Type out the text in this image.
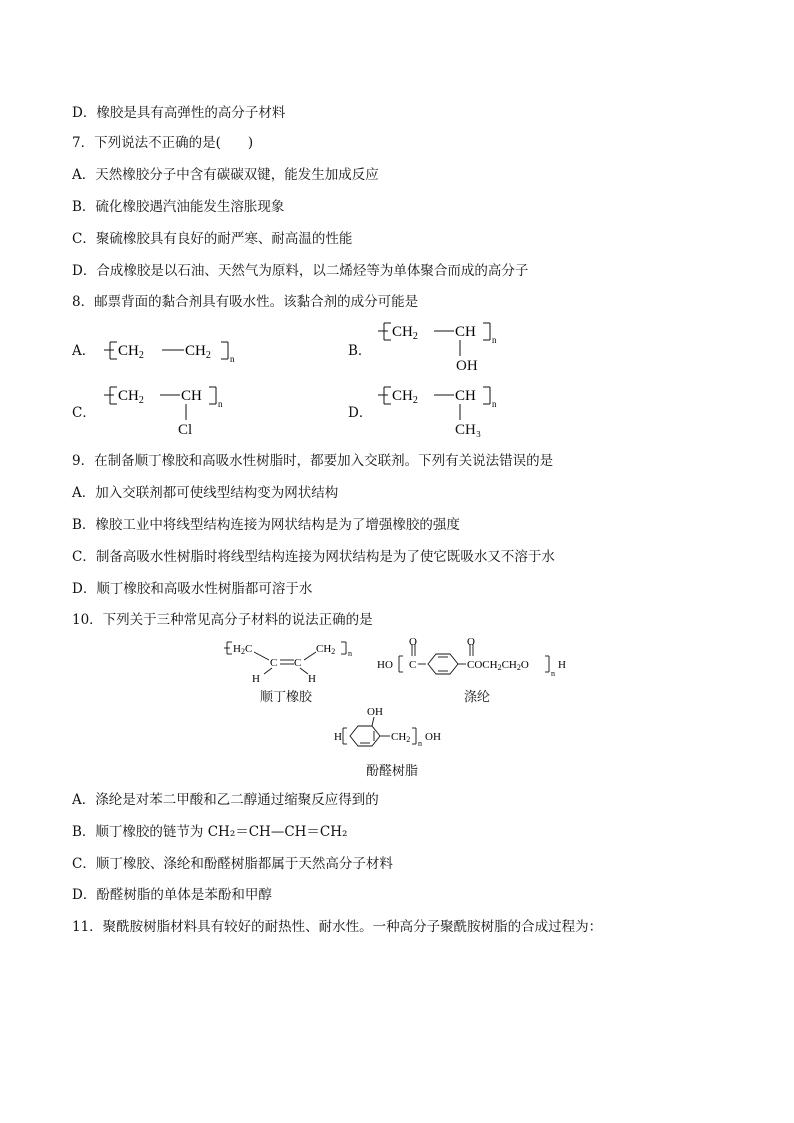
D．橡胶是具有高弹性的高分子材料
7．下列说法不正确的是(　　)
A．天然橡胶分子中含有碳碳双键，能发生加成反应
B．硫化橡胶遇汽油能发生溶胀现象
C．聚硫橡胶具有良好的耐严寒、耐高温的性能
D．合成橡胶是以石油、天然气为原料，以二烯烃等为单体聚合而成的高分子
8．邮票背面的黏合剂具有吸水性。该黏合剂的成分可能是
A． $CH_2$	$CH_2$ n	B．
$CH_2$ CH n
OH
C．
$CH_2$ CH n
Cl
D．
$CH_2$ CH n
CH₃
9．在制备顺丁橡胶和高吸水性树脂时，都要加入交联剂。下列有关说法错误的是
A．加入交联剂都可使线型结构变为网状结构
B．橡胶工业中将线型结构连接为网状结构是为了增强橡胶的强度
C．制备高吸水性树脂时将线型结构连接为网状结构是为了使它既吸水又不溶于水
D．顺丁橡胶和高吸水性树脂都可溶于水
10．下列关于三种常见高分子材料的说法正确的是
H2C
C C
CH2
H	H
n
顺丁橡胶
HO
O
C
O
COCH2CH2O
n
H
涤纶
OH
H	CH2 n
OH
酚醛树脂
A．涤纶是对苯二甲酸和乙二醇通过缩聚反应得到的
B．顺丁橡胶的链节为 CH₂＝CH—CH＝CH₂
C．顺丁橡胶、涤纶和酚醛树脂都属于天然高分子材料
D．酚醛树脂的单体是苯酚和甲醇
11．聚酰胺树脂材料具有较好的耐热性、耐水性。一种高分子聚酰胺树脂的合成过程为：
